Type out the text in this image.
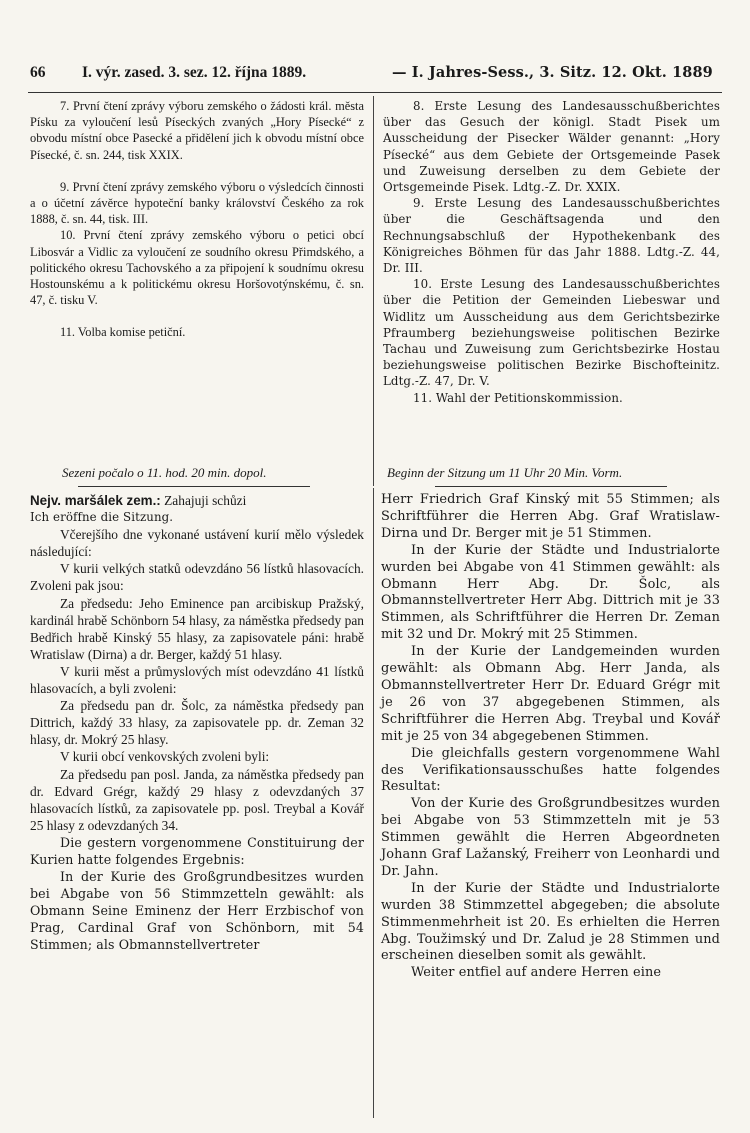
66 I. výr. zased. 3. sez. 12. října 1889.	— I. Jahres-Sess., 3. Sitz. 12. Okt. 1889

7. První čtení zprávy výboru zemského o žádosti král. města Písku za vyloučení lesů Píseckých zvaných „Hory Písecké“ z obvodu místní obce Pasecké a přidělení jich k obvodu místní obce Písecké, č. sn. 244, tisk XXIX.

9. První čtení zprávy zemského výboru o výsledcích činnosti a o účetní závěrce hypoteční banky království Českého za rok 1888, č. sn. 44, tisk. III.

10. První čtení zprávy zemského výboru o petici obcí Libosvár a Vidlic za vyloučení ze soudního okresu Přimdského, a politického okresu Tachovského a za připojení k soudnímu okresu Hostounskému a k politickému okresu Horšovotýnskému, č. sn. 47, č. tisku V.

11. Volba komise petiční.

8. Erste Lesung des Landesausschußberichtes über das Gesuch der königl. Stadt Pisek um Ausscheidung der Pisecker Wälder genannt: „Hory Písecké“ aus dem Gebiete der Ortsgemeinde Pasek und Zuweisung derselben zu dem Gebiete der Ortsgemeinde Pisek. Ldtg.-Z. Dr. XXIX.

9. Erste Lesung des Landesausschußberichtes über die Geschäftsagenda und den Rechnungsabschluß der Hypothekenbank des Königreiches Böhmen für das Jahr 1888. Ldtg.-Z. 44, Dr. III.

10. Erste Lesung des Landesausschußberichtes über die Petition der Gemeinden Liebeswar und Widlitz um Ausscheidung aus dem Gerichtsbezirke Pfraumberg beziehungsweise politischen Bezirke Tachau und Zuweisung zum Gerichtsbezirke Hostau beziehungsweise politischen Bezirke Bischofteinitz. Ldtg.-Z. 47, Dr. V.

11. Wahl der Petitionskommission.

Sezeni počalo o 11. hod. 20 min. dopol.	Beginn der Sitzung um 11 Uhr 20 Min. Vorm.

Nejv. maršálek zem.: Zahajuji schůzi

Ich eröffne die Sitzung.

Včerejšího dne vykonané ustávení kurií mělo výsledek následující:

V kurii velkých statků odevzdáno 56 lístků hlasovacích. Zvoleni pak jsou:

Za předsedu: Jeho Eminence pan arcibiskup Pražský, kardinál hrabě Schönborn 54 hlasy, za náměstka předsedy pan Bedřich hrabě Kinský 55 hlasy, za zapisovatele páni: hrabě Wratislaw (Dirna) a dr. Berger, každý 51 hlasy.

V kurii měst a průmyslových míst odevzdáno 41 lístků hlasovacích, a byli zvoleni:

Za předsedu pan dr. Šolc, za náměstka předsedy pan Dittrich, každý 33 hlasy, za zapisovatele pp. dr. Zeman 32 hlasy, dr. Mokrý 25 hlasy.

V kurii obcí venkovských zvoleni byli:

Za předsedu pan posl. Janda, za náměstka předsedy pan dr. Edvard Grégr, každý 29 hlasy z odevzdaných 37 hlasovacích lístků, za zapisovatele pp. posl. Treybal a Kovář 25 hlasy z odevzdaných 34.

Die gestern vorgenommene Constituirung der Kurien hatte folgendes Ergebnis:

In der Kurie des Großgrundbesitzes wurden bei Abgabe von 56 Stimmzetteln gewählt: als Obmann Seine Eminenz der Herr Erzbischof von Prag, Cardinal Graf von Schönborn, mit 54 Stimmen; als Obmannstellvertreter

Herr Friedrich Graf Kinský mit 55 Stimmen; als Schriftführer die Herren Abg. Graf Wratislaw-Dirna und Dr. Berger mit je 51 Stimmen.

In der Kurie der Städte und Industrialorte wurden bei Abgabe von 41 Stimmen gewählt: als Obmann Herr Abg. Dr. Šolc, als Obmannstellvertreter Herr Abg. Dittrich mit je 33 Stimmen, als Schriftführer die Herren Dr. Zeman mit 32 und Dr. Mokrý mit 25 Stimmen.

In der Kurie der Landgemeinden wurden gewählt: als Obmann Abg. Herr Janda, als Obmannstellvertreter Herr Dr. Eduard Grégr mit je 26 von 37 abgegebenen Stimmen, als Schriftführer die Herren Abg. Treybal und Kovář mit je 25 von 34 abgegebenen Stimmen.

Die gleichfalls gestern vorgenommene Wahl des Verifikationsausschußes hatte folgendes Resultat:

Von der Kurie des Großgrundbesitzes wurden bei Abgabe von 53 Stimmzetteln mit je 53 Stimmen gewählt die Herren Abgeordneten Johann Graf Lažanský, Freiherr von Leonhardi und Dr. Jahn.

In der Kurie der Städte und Industrialorte wurden 38 Stimmzettel abgegeben; die absolute Stimmenmehrheit ist 20. Es erhielten die Herren Abg. Toužimský und Dr. Zalud je 28 Stimmen und erscheinen dieselben somit als gewählt.

Weiter entfiel auf andere Herren eine
